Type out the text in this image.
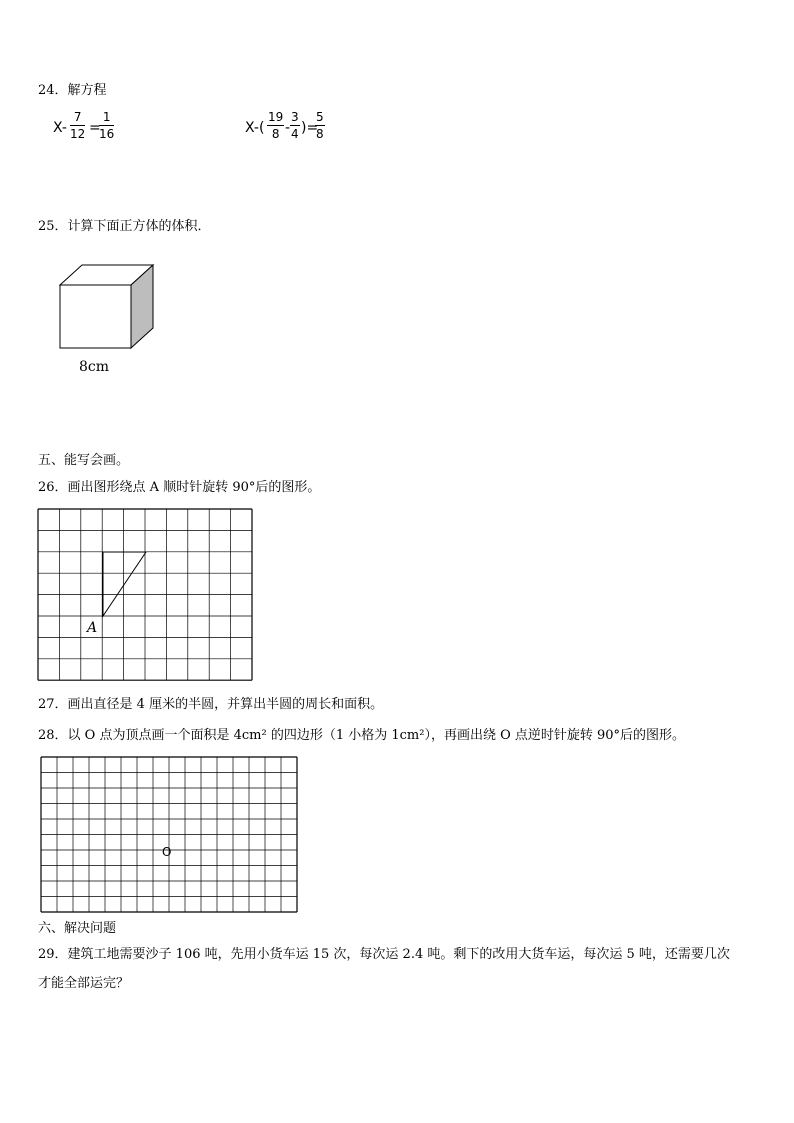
24．解方程
$X- \frac{7}{12}$ =
$\frac{1}{16}$	$X-( \frac{19}{8} - \frac{3}{4}$ )=
$\frac{5}{8}$
25．计算下面正方体的体积．
8cm
五、能写会画。
26．画出图形绕点 A 顺时针旋转 90°后的图形。
A
27．画出直径是 4 厘米的半圆，并算出半圆的周长和面积。
28．以 O 点为顶点画一个面积是 4cm² 的四边形（1 小格为 1cm²），再画出绕 O 点逆时针旋转 90°后的图形。
O
六、解决问题
29．建筑工地需要沙子 106 吨，先用小货车运 15 次，每次运 2.4 吨。剩下的改用大货车运，每次运 5 吨，还需要几次
才能全部运完？
